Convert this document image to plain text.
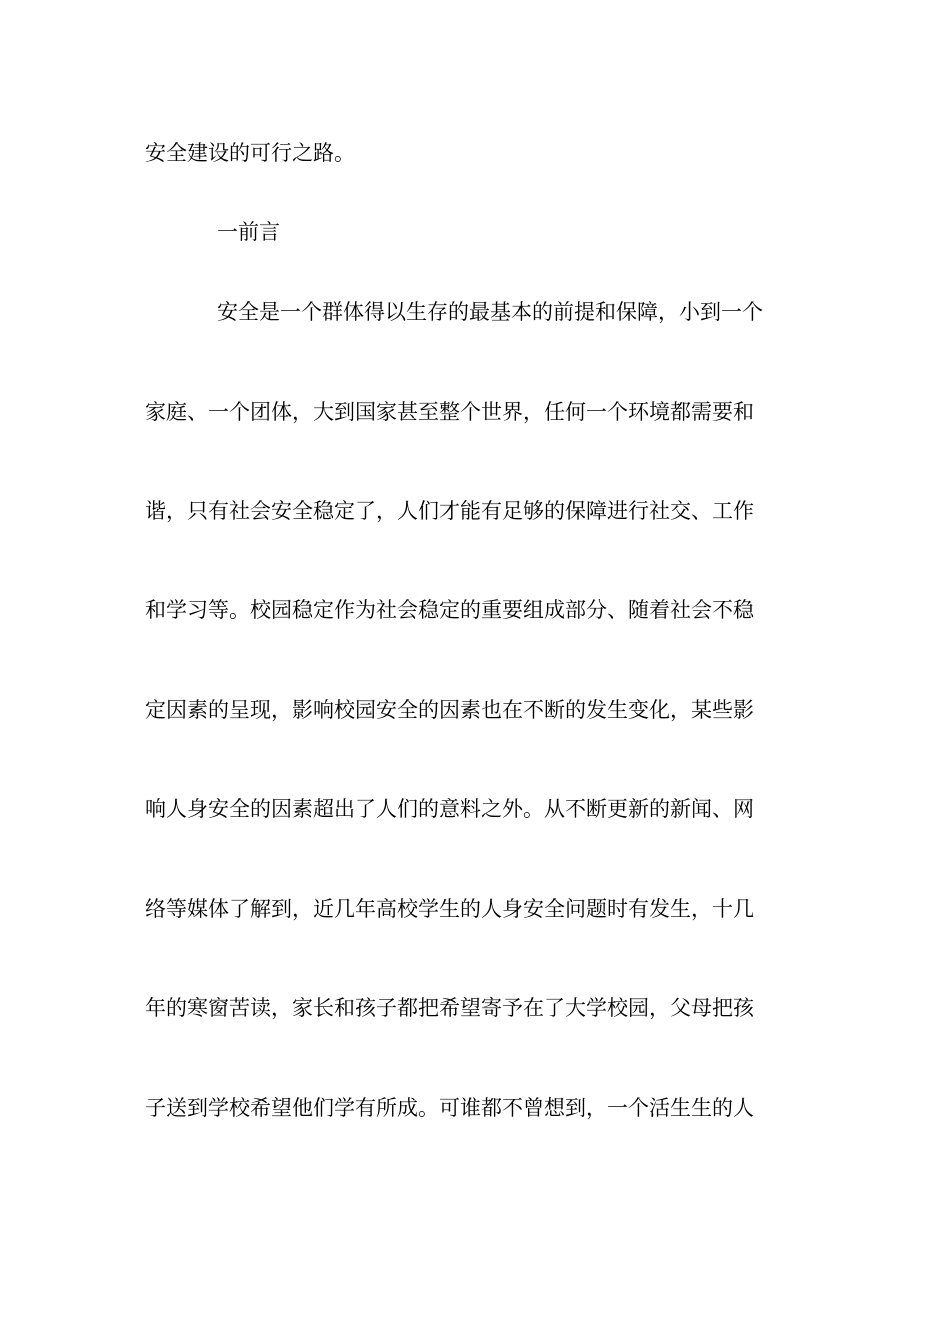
安全建设的可行之路。
一前言
安全是一个群体得以生存的最基本的前提和保障，小到一个
家庭、一个团体，大到国家甚至整个世界，任何一个环境都需要和
谐，只有社会安全稳定了，人们才能有足够的保障进行社交、工作
和学习等。校园稳定作为社会稳定的重要组成部分、随着社会不稳
定因素的呈现，影响校园安全的因素也在不断的发生变化，某些影
响人身安全的因素超出了人们的意料之外。从不断更新的新闻、网
络等媒体了解到，近几年高校学生的人身安全问题时有发生，十几
年的寒窗苦读，家长和孩子都把希望寄予在了大学校园，父母把孩
子送到学校希望他们学有所成。可谁都不曾想到，一个活生生的人
